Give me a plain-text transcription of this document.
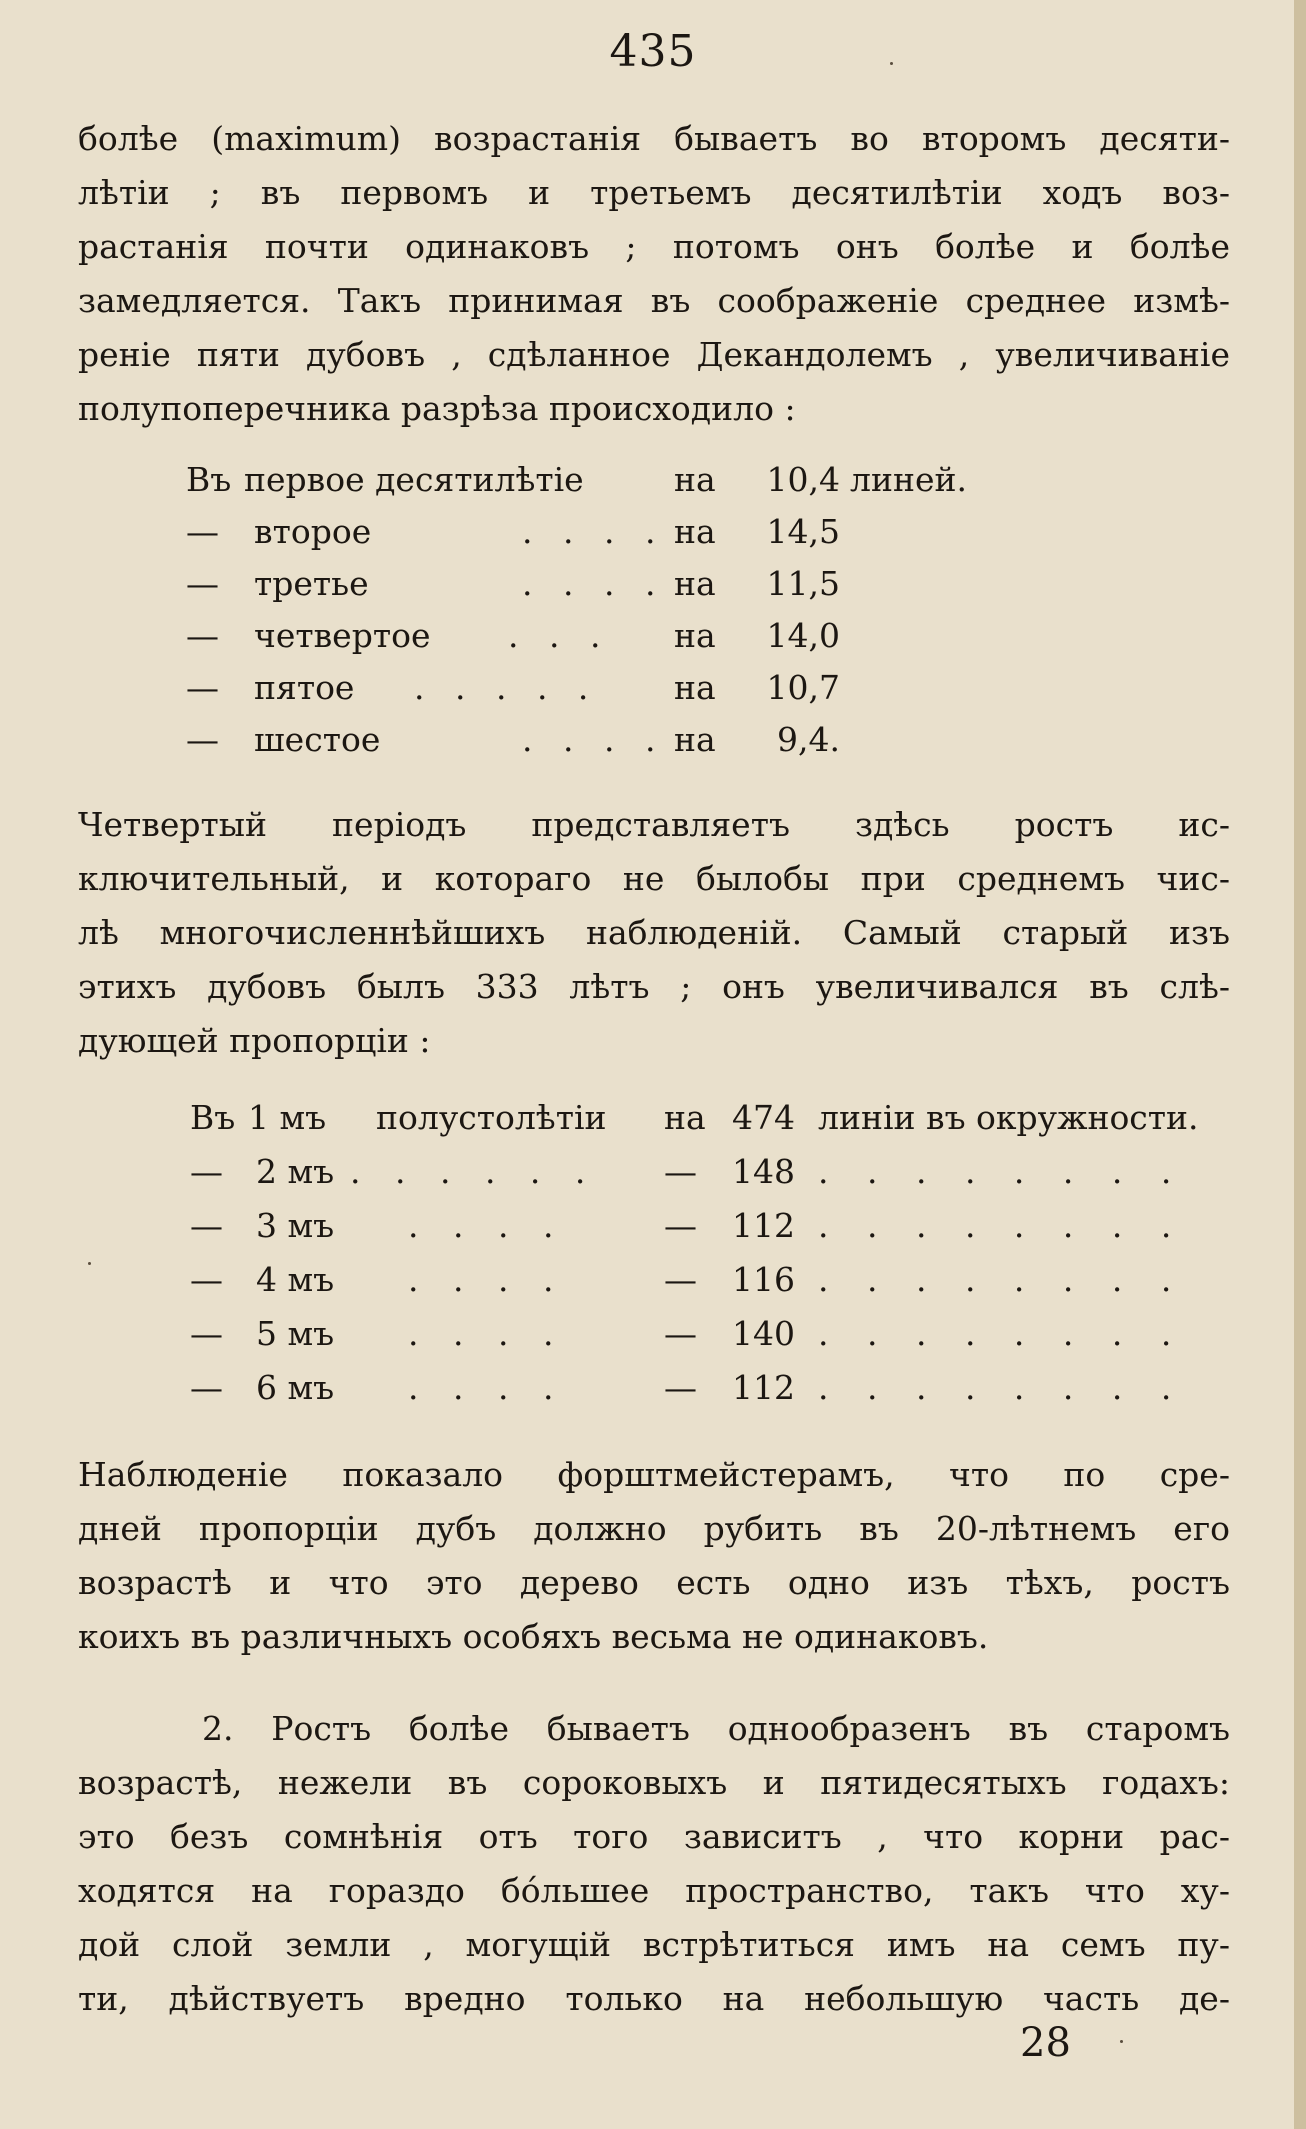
435

болѣе (maximum) возрастанія бываетъ во второмъ десяти-
лѣтіи ; въ первомъ и третьемъ десятилѣтіи ходъ воз-
растанія почти одинаковъ ; потомъ онъ болѣе и болѣе
замедляется. Такъ принимая въ соображеніе среднее измѣ-
реніе пяти дубовъ , сдѣланное Декандолемъ , увеличиваніе
полупоперечника разрѣза происходило :

Въ первое десятилѣтіе	на	10,4 линей.
— второе	. . . . на	14,5
— третье	. . . . на	11,5
— четвертое . . . на	14,0
— пятое . . . . . на	10,7
— шестое	. . . . на	9,4.

Четвертый періодъ представляетъ здѣсь ростъ ис-
ключительный, и котораго не былобы при среднемъ чис-
лѣ многочисленнѣйшихъ наблюденій. Самый старый изъ
этихъ дубовъ былъ 333 лѣтъ ; онъ увеличивался въ слѣ-
дующей пропорціи :

Въ 1 мъ полустолѣтіи на 474 линіи въ окружности.
— 2 мъ . . . . . . — 148 . . . . . . . .
— 3 мъ . . . .	— 112 . . . . . . . .
— 4 мъ . . . .	— 116 . . . . . . . .
— 5 мъ . . . .	— 140 . . . . . . . .
— 6 мъ . . . .	— 112 . . . . . . . .

Наблюденіе показало форштмейстерамъ, что по сре-
дней пропорціи дубъ должно рубить въ 20-лѣтнемъ его
возрастѣ и что это дерево есть одно изъ тѣхъ, ростъ
коихъ въ различныхъ особяхъ весьма не одинаковъ.

2. Ростъ болѣе бываетъ однообразенъ въ старомъ
возрастѣ, нежели въ сороковыхъ и пятидесятыхъ годахъ:
это безъ сомнѣнія отъ того зависитъ , что корни рас-
ходятся на гораздо бóльшее пространство, такъ что ху-
дой слой земли , могущій встрѣтиться имъ на семъ пу-
ти, дѣйствуетъ вредно только на небольшую часть де-

28
